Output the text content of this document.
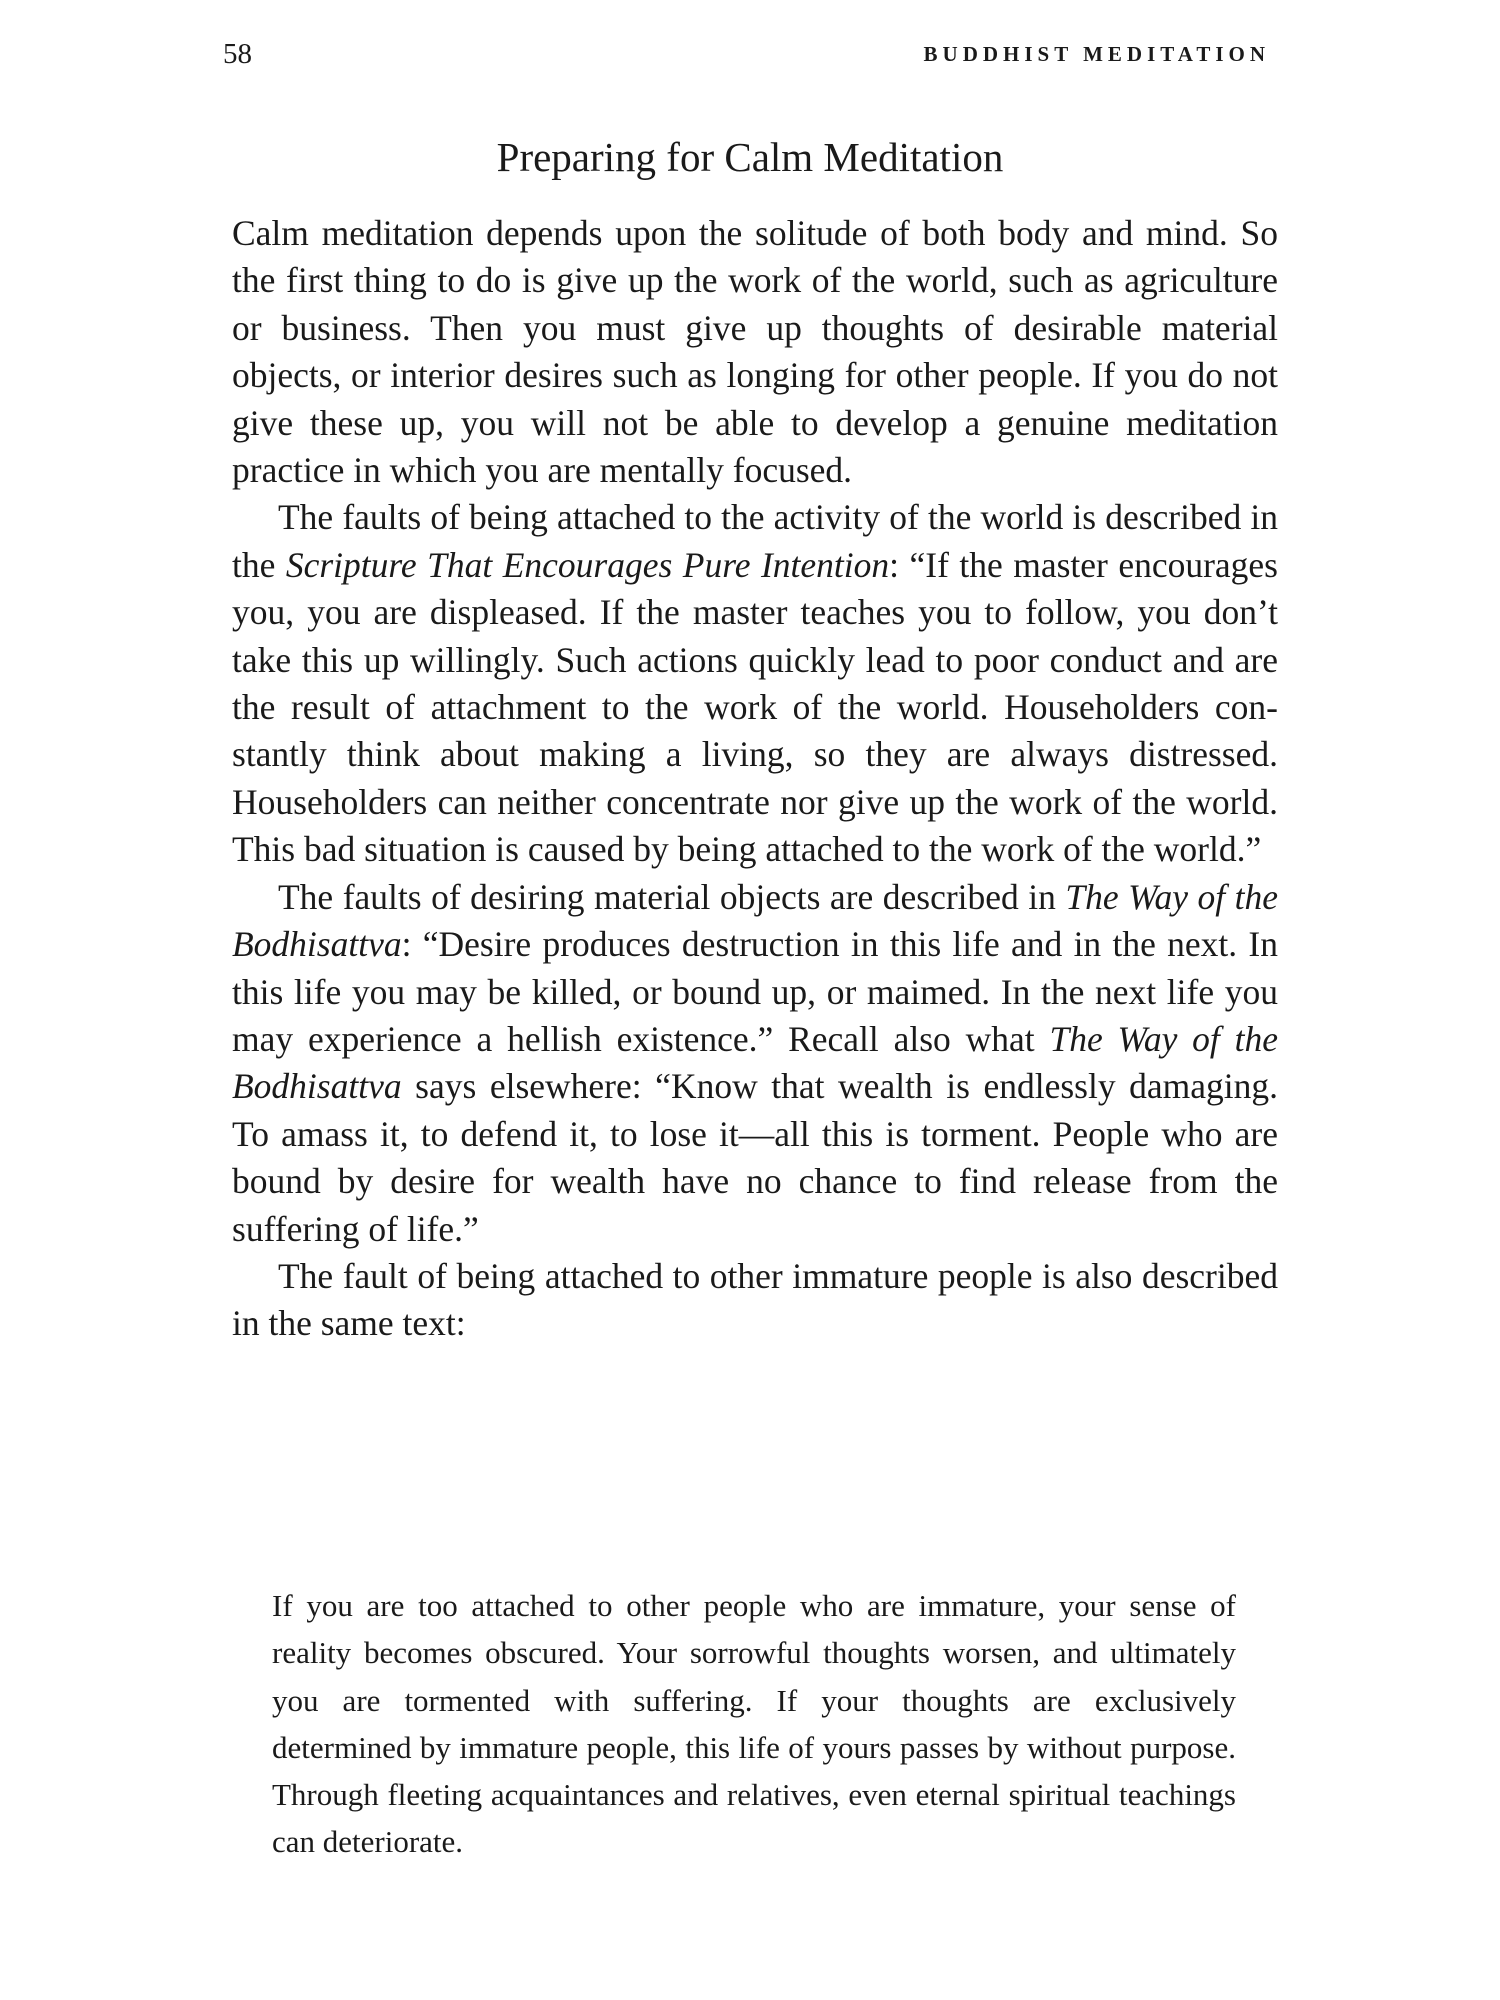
58	BUDDHIST MEDITATION
Preparing for Calm Meditation

Calm meditation depends upon the solitude of both body and mind. So the first thing to do is give up the work of the world, such as agriculture or business. Then you must give up thoughts of desirable material objects, or interior desires such as longing for other people. If you do not give these up, you will not be able to develop a genuine meditation practice in which you are mentally focused.

The faults of being attached to the activity of the world is described in the Scripture That Encourages Pure Intention: “If the master encourages you, you are displeased. If the master teaches you to follow, you don’t take this up willingly. Such actions quickly lead to poor conduct and are the result of attachment to the work of the world. Householders constantly think about making a living, so they are always distressed. Householders can neither concentrate nor give up the work of the world. This bad situation is caused by being attached to the work of the world.”

The faults of desiring material objects are described in The Way of the Bodhisattva: “Desire produces destruction in this life and in the next. In this life you may be killed, or bound up, or maimed. In the next life you may experience a hellish existence.” Recall also what The Way of the Bodhisattva says elsewhere: “Know that wealth is endlessly damaging. To amass it, to defend it, to lose it—all this is torment. People who are bound by desire for wealth have no chance to find release from the suffering of life.”

The fault of being attached to other immature people is also described in the same text:

If you are too attached to other people who are immature, your sense of reality becomes obscured. Your sorrowful thoughts worsen, and ultimately you are tormented with suffering. If your thoughts are exclusively determined by immature people, this life of yours passes by without purpose. Through fleeting acquaintances and relatives, even eternal spiritual teachings can deteriorate.
